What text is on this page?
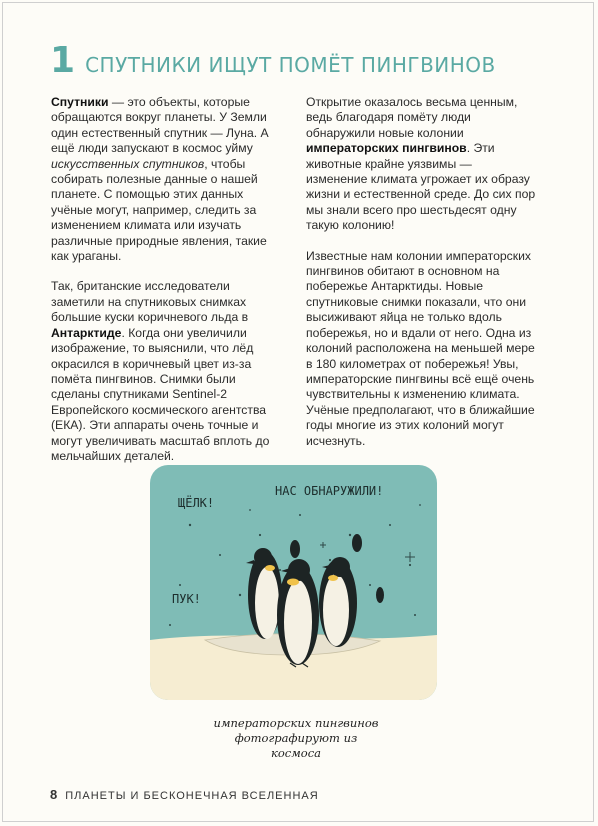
1 СПУТНИКИ ИЩУТ ПОМЁТ ПИНГВИНОВ

Спутники — это объекты, которые обращаются вокруг планеты. У Земли один естественный спутник — Луна. А ещё люди запускают в космос уйму искусственных спутников, чтобы собирать полезные данные о нашей планете. С помощью этих данных учёные могут, например, следить за изменением климата или изучать различные природные явления, такие как ураганы.

Так, британские исследователи заметили на спутниковых снимках большие куски коричневого льда в Антарктиде. Когда они увеличили изображение, то выяснили, что лёд окрасился в коричневый цвет из-за помёта пингвинов. Снимки были сделаны спутниками Sentinel-2 Европейского космического агентства (ЕКА). Эти аппараты очень точные и могут увеличивать масштаб вплоть до мельчайших деталей.

Открытие оказалось весьма ценным, ведь благодаря помёту люди обнаружили новые колонии императорских пингвинов. Эти животные крайне уязвимы — изменение климата угрожает их образу жизни и естественной среде. До сих пор мы знали всего про шестьдесят одну такую колонию!

Известные нам колонии императорских пингвинов обитают в основном на побережье Антарктиды. Новые спутниковые снимки показали, что они высиживают яйца не только вдоль побережья, но и вдали от него. Одна из колоний расположена на меньшей мере в 180 километрах от побережья! Увы, императорские пингвины всё ещё очень чувствительны к изменению климата. Учёные предполагают, что в ближайшие годы многие из этих колоний могут исчезнуть.

ЩЁЛК!
НАС ОБНАРУЖИЛИ!
ПУК!
императорских пингвинов
фотографируют из космоса
8 ПЛАНЕТЫ И БЕСКОНЕЧНАЯ ВСЕЛЕННАЯ
